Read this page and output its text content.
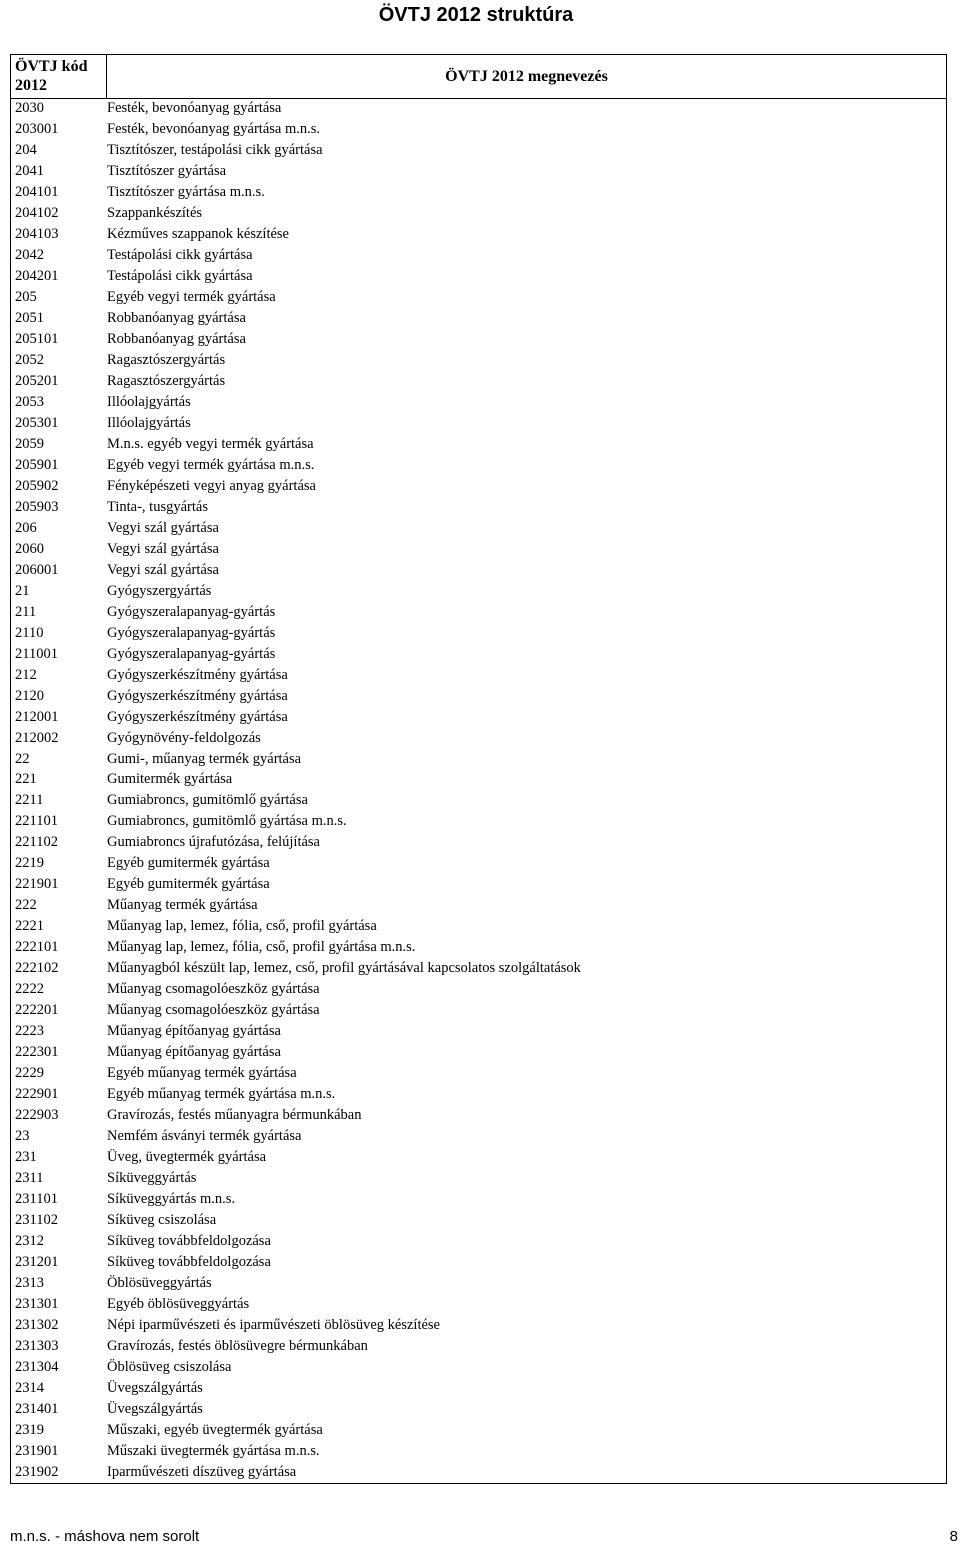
ÖVTJ 2012 struktúra
ÖVTJ kód
2012
ÖVTJ 2012 megnevezés
2030	Festék, bevonóanyag gyártása
203001	Festék, bevonóanyag gyártása m.n.s.
204	Tisztítószer, testápolási cikk gyártása
2041	Tisztítószer gyártása
204101	Tisztítószer gyártása m.n.s.
204102	Szappankészítés
204103	Kézműves szappanok készítése
2042	Testápolási cikk gyártása
204201	Testápolási cikk gyártása
205	Egyéb vegyi termék gyártása
2051	Robbanóanyag gyártása
205101	Robbanóanyag gyártása
2052	Ragasztószergyártás
205201	Ragasztószergyártás
2053	Illóolajgyártás
205301	Illóolajgyártás
2059	M.n.s. egyéb vegyi termék gyártása
205901	Egyéb vegyi termék gyártása m.n.s.
205902	Fényképészeti vegyi anyag gyártása
205903	Tinta-, tusgyártás
206	Vegyi szál gyártása
2060	Vegyi szál gyártása
206001	Vegyi szál gyártása
21	Gyógyszergyártás
211	Gyógyszeralapanyag-gyártás
2110	Gyógyszeralapanyag-gyártás
211001	Gyógyszeralapanyag-gyártás
212	Gyógyszerkészítmény gyártása
2120	Gyógyszerkészítmény gyártása
212001	Gyógyszerkészítmény gyártása
212002	Gyógynövény-feldolgozás
22	Gumi-, műanyag termék gyártása
221	Gumitermék gyártása
2211	Gumiabroncs, gumitömlő gyártása
221101	Gumiabroncs, gumitömlő gyártása m.n.s.
221102	Gumiabroncs újrafutózása, felújítása
2219	Egyéb gumitermék gyártása
221901	Egyéb gumitermék gyártása
222	Műanyag termék gyártása
2221	Műanyag lap, lemez, fólia, cső, profil gyártása
222101	Műanyag lap, lemez, fólia, cső, profil gyártása m.n.s.
222102	Műanyagból készült lap, lemez, cső, profil gyártásával kapcsolatos szolgáltatások
2222	Műanyag csomagolóeszköz gyártása
222201	Műanyag csomagolóeszköz gyártása
2223	Műanyag építőanyag gyártása
222301	Műanyag építőanyag gyártása
2229	Egyéb műanyag termék gyártása
222901	Egyéb műanyag termék gyártása m.n.s.
222903	Gravírozás, festés műanyagra bérmunkában
23	Nemfém ásványi termék gyártása
231	Üveg, üvegtermék gyártása
2311	Síküveggyártás
231101	Síküveggyártás m.n.s.
231102	Síküveg csiszolása
2312	Síküveg továbbfeldolgozása
231201	Síküveg továbbfeldolgozása
2313	Öblösüveggyártás
231301	Egyéb öblösüveggyártás
231302	Népi iparművészeti és iparművészeti öblösüveg készítése
231303	Gravírozás, festés öblösüvegre bérmunkában
231304	Öblösüveg csiszolása
2314	Üvegszálgyártás
231401	Üvegszálgyártás
2319	Műszaki, egyéb üvegtermék gyártása
231901	Műszaki üvegtermék gyártása m.n.s.
231902	Iparművészeti díszüveg gyártása
m.n.s. - máshova nem sorolt	8
